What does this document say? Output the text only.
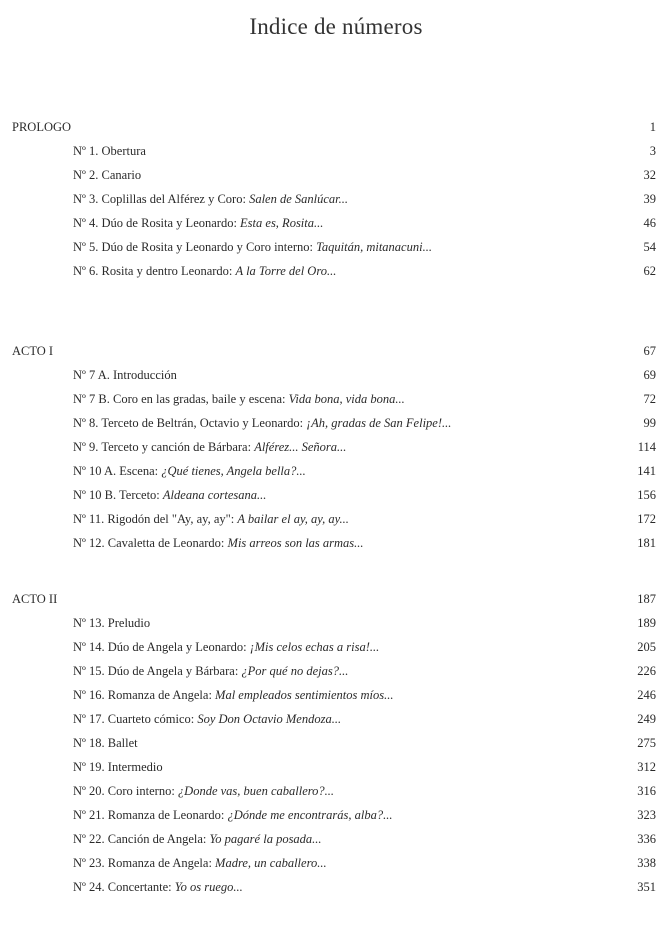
Indice de números
PROLOGO	1
Nº 1. Obertura	3
Nº 2. Canario	32
Nº 3. Coplillas del Alférez y Coro: Salen de Sanlúcar...	39
Nº 4. Dúo de Rosita y Leonardo: Esta es, Rosita...	46
Nº 5. Dúo de Rosita y Leonardo y Coro interno: Taquitán, mitanacuni...	54
Nº 6. Rosita y dentro Leonardo: A la Torre del Oro...	62
ACTO I	67
Nº 7 A. Introducción	69
Nº 7 B. Coro en las gradas, baile y escena: Vida bona, vida bona...	72
Nº 8. Terceto de Beltrán, Octavio y Leonardo: ¡Ah, gradas de San Felipe!...	99
Nº 9. Terceto y canción de Bárbara: Alférez... Señora...	114
Nº 10 A. Escena: ¿Qué tienes, Angela bella?...	141
Nº 10 B. Terceto: Aldeana cortesana...	156
Nº 11. Rigodón del "Ay, ay, ay": A bailar el ay, ay, ay...	172
Nº 12. Cavaletta de Leonardo: Mis arreos son las armas...	181
ACTO II	187
Nº 13. Preludio	189
Nº 14. Dúo de Angela y Leonardo: ¡Mis celos echas a risa!...	205
Nº 15. Dúo de Angela y Bárbara: ¿Por qué no dejas?...	226
Nº 16. Romanza de Angela: Mal empleados sentimientos míos...	246
Nº 17. Cuarteto cómico: Soy Don Octavio Mendoza...	249
Nº 18. Ballet	275
Nº 19. Intermedio	312
Nº 20. Coro interno: ¿Donde vas, buen caballero?...	316
Nº 21. Romanza de Leonardo: ¿Dónde me encontrarás, alba?...	323
Nº 22. Canción de Angela: Yo pagaré la posada...	336
Nº 23. Romanza de Angela: Madre, un caballero...	338
Nº 24. Concertante: Yo os ruego...	351
